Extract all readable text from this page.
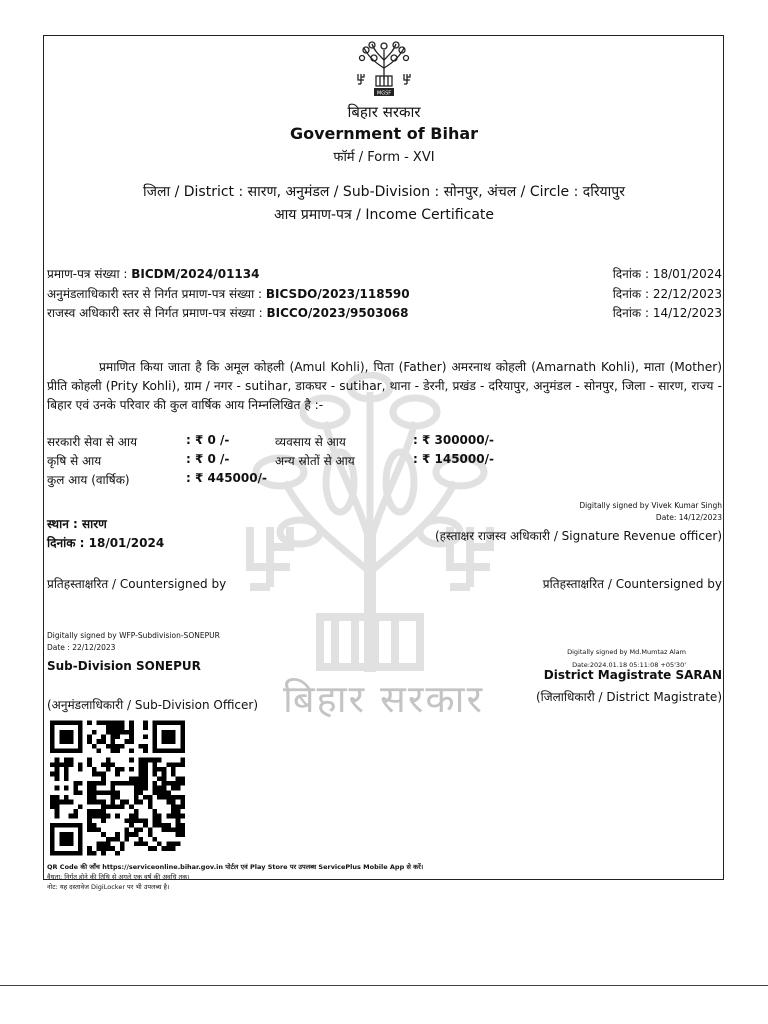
बिहार सरकार
MGSF
बिहार सरकार
Government of Bihar
फॉर्म / Form - XVI
जिला / District : सारण, अनुमंडल / Sub-Division : सोनपुर, अंचल / Circle : दरियापुर
आय प्रमाण-पत्र / Income Certificate
प्रमाण-पत्र संख्या : BICDM/2024/01134	दिनांक : 18/01/2024
अनुमंडलाधिकारी स्तर से निर्गत प्रमाण-पत्र संख्या : BICSDO/2023/118590	दिनांक : 22/12/2023
राजस्व अधिकारी स्तर से निर्गत प्रमाण-पत्र संख्या : BICCO/2023/9503068	दिनांक : 14/12/2023
प्रमाणित किया जाता है कि अमूल कोहली (Amul Kohli), पिता (Father) अमरनाथ कोहली (Amarnath Kohli), माता (Mother) प्रीति कोहली (Prity Kohli), ग्राम / नगर - sutihar, डाकघर - sutihar, थाना - डेरनी, प्रखंड - दरियापुर, अनुमंडल - सोनपुर, जिला - सारण, राज्य - बिहार एवं उनके परिवार की कुल वार्षिक आय निम्नलिखित है :-
सरकारी सेवा से आय	: ₹ 0 /-	व्यवसाय से आय	: ₹ 300000/-
कृषि से आय	: ₹ 0 /-	अन्य स्रोतों से आय	: ₹ 145000/-
कुल आय (वार्षिक)	: ₹ 445000/-
Digitally signed by Vivek Kumar Singh
Date: 14/12/2023
(हस्ताक्षर राजस्व अधिकारी / Signature Revenue officer)
स्थान : सारण
दिनांक : 18/01/2024
प्रतिहस्ताक्षरित / Countersigned by	प्रतिहस्ताक्षरित / Countersigned by
Digitally signed by WFP-Subdivision-SONEPUR
Date : 22/12/2023
Sub-Division SONEPUR
(अनुमंडलाधिकारी / Sub-Division Officer)
Digitally signed by Md.Mumtaz Alam
Date:2024.01.18 05:11:08 +05'30'
District Magistrate SARAN
(जिलाधिकारी / District Magistrate)
QR Code की जाँच https://serviceonline.bihar.gov.in पोर्टल एवं Play Store पर उपलब्ध ServicePlus Mobile App से करें।
वैधता: निर्गत होने की तिथि से अगले एक वर्ष की अवधि तक।
नोट: यह दस्तावेज DigiLocker पर भी उपलब्ध है।
